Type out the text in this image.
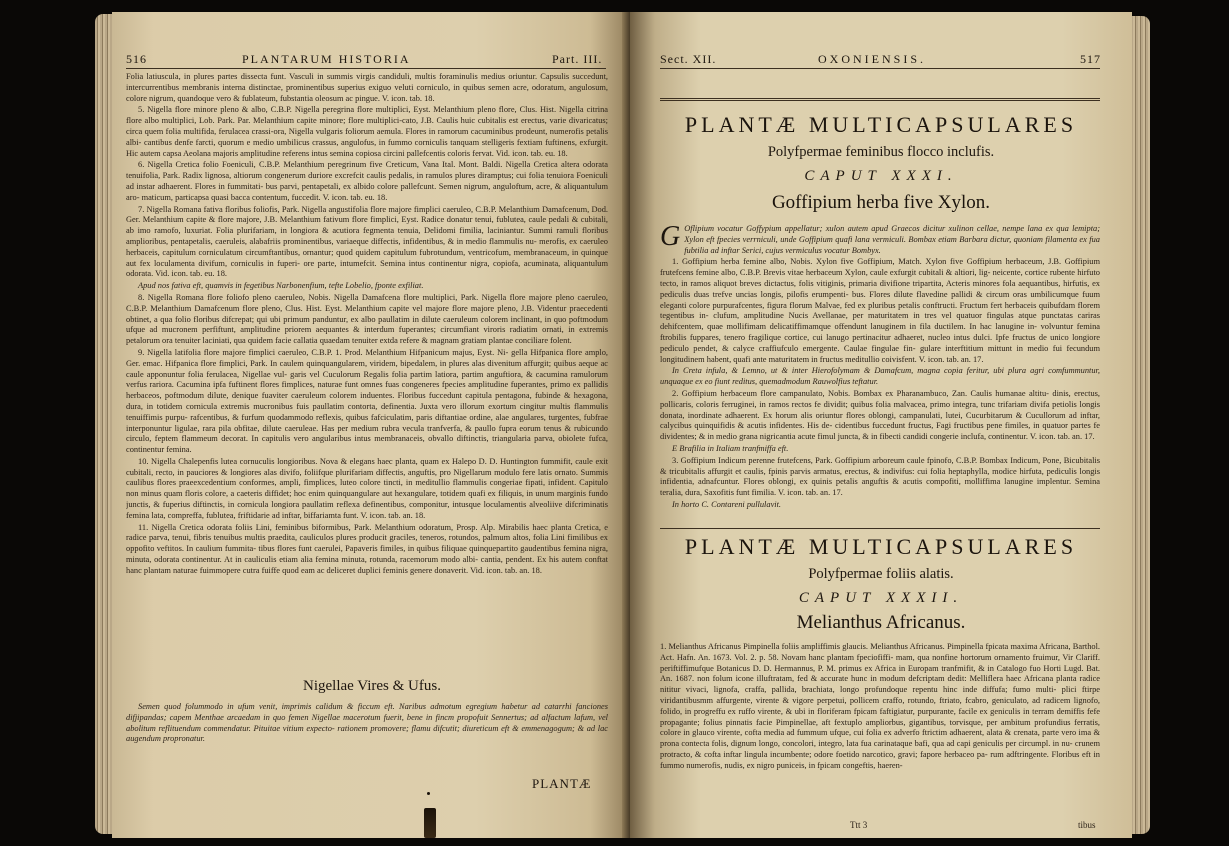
516	PLANTARUM HISTORIA	Part. III.

Folia latiuscula, in plures partes dissecta funt. Vasculi in summis virgis candiduli, multis foraminulis medius oriuntur. Capsulis succedunt, intercurrentibus membranis interna distinctae, prominentibus superius exiguo veluti corniculo, in quibus semen acre, odoratum, angulosum, colore nigrum, quandoque vero & fublateum, fubstantia oleosum ac pingue. V. icon. tab. 18.

5. Nigella flore minore pleno & albo, C.B.P. Nigella peregrina flore multiplici, Eyst. Melanthium pleno flore, Clus. Hist. Nigella citrina flore albo multiplici, Lob. Park. Par. Melanthium capite minore; flore multiplici-cato, J.B. Caulis huic cubitalis est erectus, varie divaricatus; circa quem folia multifida, ferulacea crassi-ora, Nigella vulgaris foliorum aemula. Flores in ramorum cacuminibus prodeunt, numerofis petalis albi- cantibus denfe farcti, quorum e medio umbilicus crassus, angulofus, in fummo corniculis tanquam stelligeris fextiam fuftinens, exfurgit. Hic autem capsa Aeolana majoris amplitudine referens intus semina copiosa circini pallefcentis coloris fervat. Vid. icon. tab. eu. 18.

6. Nigella Cretica folio Foeniculi, C.B.P. Melanthium peregrinum five Creticum, Vana Ital. Mont. Baldi. Nigella Cretica altera odorata tenuifolia, Park. Radix lignosa, altiorum congenerum duriore excrefcit caulis pedalis, in ramulos plures diramptus; cui folia tenuiora Foeniculi ad instar adhaerent. Flores in fummitati- bus parvi, pentapetali, ex albido colore pallefcunt. Semen nigrum, anguloftum, acre, & aliquantulum aro- maticum, particapsa quasi bacca contentum, fuccedit. V. icon. tab. eu. 18.

7. Nigella Romana fativa floribus foliofis, Park. Nigella angustifolia flore majore fimplici caeruleo, C.B.P. Melanthium Damafcenum, Dod. Ger. Melanthium capite & flore majore, J.B. Melanthium fativum flore fimplici, Eyst. Radice donatur tenui, fubluteа, caule pedali & cubitali, ab imo ramofo, luxuriat. Folia plurifariam, in longiora & acutiora fegmenta tenuia, Delidomi fimilia, laciniantur. Summi ramuli floribus amplioribus, pentapetalis, caeruleis, alabafriis prominentibus, variaeque diffectis, infidentibus, & in medio flammulis nu- merofis, ex caeruleo herbaceis, capitulum corniculatum circumftantibus, ornantur; quod quidem capitulum fubrotundum, ventricofum, membranaceum, in quinque aut fex loculamenta divifum, corniculis in fuperi- ore parte, intumefcit. Semina intus continentur nigra, copiofa, acuminata, aliquantulum odorata. Vid. icon. tab. eu. 18.

Apud nos fativa eft, quamvis in fegetibus Narbonenfium, tefte Lobelio, fponte exfiliat.

8. Nigella Romana flore foliofo pleno caeruleo, Nobis. Nigella Damafcena flore multiplici, Park. Nigella flore majore pleno caeruleo, C.B.P. Melanthium Damafcenum flore pleno, Clus. Hist. Eyst. Melanthium capite vel majore flore majore pleno, J.B. Videntur praecedenti obtinet, a qua folio floribus difcrepat; qui ubi primum panduntur, ex albo paullatim in dilute caeruleum colorem inclinant, in quo poftmodum ufque ad mucronem perfiftunt, amplitudine priorem aequantes & interdum fuperantes; circumfiant viroris radiatim ornati, in extremis petalorum ora tenuiter laciniati, qua quidem facie callatia quaedam tenuiter extda refere & magnam gratiam plantae conciliare folent.

9. Nigella latifolia flore majore fimplici caeruleo, C.B.P. 1. Prod. Melanthium Hifpanicum majus, Eyst. Ni- gella Hifpanica flore amplo, Ger. emac. Hifpanica flore fimplici, Park. In caulem quinquangularem, viridem, bipedalem, in plures alas divenitum affurgit; quibus aeque ac caule apponuntur folia ferulacea, Nigellae vul- garis vel Cuculorum Regalis folia partim latiora, partim anguftiora, & cacumina ramulorum verfus rariora. Cacumina ipfa fuftinent flores fimplices, naturae funt omnes fuas congeneres fpecies amplitudine fuperantes, primo ex pallidis herbaceos, poftmodum dilute, denique fuaviter caeruleum colorem induentes. Floribus fuccedunt capitula pentagona, fubinde & hexagona, dura, in totidem cornicula extremis mucronibus fuis paullatim contorta, definentia. Juxta vero illorum exortum cingitur multis flammulis tenuiffimis purpu- rafcentibus, & furfum quodammodo reflexis, quibus fafciculatim, paris diftantiae ordine, alae angulares, turgentes, fubfrae interponuntur ligulae, rara pila obfitae, dilute caeruleae. Has per medium rubra vecula tranfverfa, & paullo fupra eorum tenus & rubicundo circulo, feptem flammeum decorat. In capitulis vero angularibus intus membranaceis, obvallo diftinctis, triangularia parva, obiolete fufca, continentur femina.

10. Nigella Chalepenfis lutea cornuculis longioribus. Nova & elegans haec planta, quam ex Halepo D. D. Huntington fummifit, caule exit cubitali, recto, in pauciores & longiores alas divifo, foliifque plurifariam diffectis, anguftis, pro Nigellarum modulo fere latis ornato. Summis caulibus flores praeexcedentium conformes, ampli, fimplices, luteo colore tincti, in meditullio flammulis congeriae fipati, infident. Capitulo non minus quam floris colore, a caeteris diffidet; hoc enim quinquangulare aut hexangulare, totidem quafi ex filiquis, in unum marginis fundo junctis, & fuperius diftinctis, in cornicula longiora paullatim reflexa definentibus, componitur, intusque loculamentis alveoliive difcriminatis femina lata, compreffa, fubluteа, friftidarie ad inftar, biffariamta funt. V. icon. tab. an. 18.

11. Nigella Cretica odorata foliis Lini, feminibus biformibus, Park. Melanthium odoratum, Prosp. Alp. Mirabilis haec planta Cretica, e radice parva, tenui, fibris tenuibus multis praedita, cauliculos plures producit graciles, teneros, rotundos, palmum altos, folia Lini fimilibus ex oppofito veftitos. In caulium fummita- tibus flores funt caerulei, Papaveris fimiles, in quibus filiquae quinquepartito gaudentibus femina nigra, minuta, odorata continentur. At in cauliculis etiam alia femina minuta, rotunda, racemorum modo albi- cantia, pendent. Ex his autem conftat hanc plantam naturae fuimmopere cutra fuiffe quod eam ac deliceret duplici feminis genere donaverit. Vid. icon. tab. an. 18.

Nigellae Vires & Ufus.

Semen quod folummodo in ufum venit, imprimis calidum & ficcum eft. Naribus admotum egregium habetur ad catarrhi fanciones difjipandas; capem Menthae arcaedam in quo femen Nigellae macerotum fuerit, bene in fincm propofuit Sennertus; ad alfactum lafum, vel abolitum reflituendum commendatur. Pituitae vitium expecto- rationem promovere; flamu difcutit; diureticum eft & emmenagogum; & ad lac augendum propronatur.

PLANTÆ
Sect. XII.	OXONIENSIS.	517
PLANTÆ MULTICAPSULARES
Polyfpermae feminibus flocco inclufis.
CAPUT XXXI.
Goffipium herba five Xylon.

G Oflipium vocatur Goffypium appellatur; xulon autem apud Graecos dicitur xulinon cellae, nempe lana ex qua lemipta; Xylon eft fpecies verrniculi, unde Goffipium quafi lana vermiculi. Bombax etiam Barbara dictur, quoniam filamenta ex fua fubtilia ad inftar Serici, cujus vermiculus vocatur Bombyx.

1. Goffipium herba femine albo, Nobis. Xylon five Goffipium, Match. Xylon five Goffipium herbaceum, J.B. Goffipium frutefcens femine albo, C.B.P. Brevis vitae herbaceum Xylon, caule exfurgit cubitali & altiori, lig- neicente, cortice rubente hirfuto tecto, in ramos aliquot breves dictactus, folis vitiginis, primaria divifione tripartita, Acteris minores fola aequantibus, hirfutis, ex pediculis duas trefve uncias longis, pilofis erumpenti- bus. Flores dilute flavedine pallidi & circum oras umbilicumque fuum eleganti colore purpurafcentes, figura florum Malvae, fed ex pluribus petalis conftructi. Fructum fert herbaceis quibufdam florem tegentibus in- clufum, amplitudine Nucis Avellanae, per maturitatem in tres vel quatuor fingulas atque punctatas cariras dehifcentem, quae mollifimam delicatiffimamque offendunt lanuginem in fila ductilem. In hac lanugine in- volvuntur femina ftrobilis fuppares, tenero fragilique cortice, cui lanugo pertinacitur adhaeret, nucleo intus dulci. Ipfe fructus de unico longiore pediculo pendet, & calyce craffiufculo emergente. Caulae fingulae fin- gulare interftitium mittunt in medio fui fecundum longitudinem habent, quafi ante maturitatem in fructus meditullio coivisfent. V. icon. tab. an. 17.

In Creta infula, & Lemno, ut & inter Hierofolymam & Damafcum, magna copia feritur, ubi plura agri comfummuntur, unquaque ex eo fiunt reditus, quemadmodum Rauwolfius teftatur.

2. Goffipium herbaceum flore campanulato, Nobis. Bombax ex Pharanambuco, Zan. Caulis humanae altitu- dinis, erectus, pollicaris, coloris ferruginei, in ramos rectos fe dividit; quibus folia malvacea, primo integra, tunc trifariam divifa petiolis longis donata, inordinate adhaerent. Ex horum alis oriuntur flores oblongi, campanulati, lutei, Cucurbitarum & Cucullorum ad inftar, calycibus quinquifidis & acutis infidentes. His de- cidentibus fuccedunt fructus, Fagi fructibus pene fimiles, in quatuor partes fe dividentes; & in medio grana nigricantia acute fimul juncta, & in fibecti candidi congerie inclufa, continentur. V. icon. tab. an. 17.

E Brafilia in Italiam tranfmiffa eft.

3. Goffipium Indicum perenne frutefcens, Park. Goffipium arboreum caule fpinofo, C.B.P. Bombax Indicum, Pone, Bicubitalis & tricubitalis affurgit et caulis, fpinis parvis armatus, erectus, & indivifus: cui folia heptaphylla, modice hirfuta, pediculis longis infidentia, adnafcuntur. Flores oblongi, ex quinis petalis anguftis & acutis compofiti, molliffima lanugine implentur. Semina teralia, dura, Saxofitis funt fimilia. V. icon. tab. an. 17.

In horto C. Contareni pullulavit.

PLANTÆ MULTICAPSULARES
Polyfpermae foliis alatis.
CAPUT XXXII.
Melianthus Africanus.

1. Melianthus Africanus Pimpinella foliis ampliffimis glaucis. Melianthus Africanus. Pimpinella fpicata maxima Africana, Barthol. Act. Hafn. An. 1673. Vol. 2. p. 58. Novam hanc plantam fpeciofiffi- mam, qua nonfine hortorum ornamento fruimur, Vir Clariff. periftiffimufque Botanicus D. D. Hermannus, P. M. primus ex Africa in Europam tranfmifit, & in Catalogo fuo Horti Lugd. Bat. An. 1687. non folum icone illuftratam, fed & accurate hunc in modum defcriptam dedit: Melliflera haec Africana planta radice nititur vivaci, lignofa, craffa, pallida, brachiata, longo profundoque repentu hinc inde diffufa; fumo multi- plici ftirpe viridantibusmm affurgente, virente & vigore perpetui, pollicem craffo, rotundo, ftriato, fcabro, geniculato, ad radicem lignofo, folido, in progreffu ex ruffo virente, & ubi in floriferam fpicam faftigiatur, purpurante, facile ex geniculis in terram demiffis fefe propagante; folius pinnatis facie Pimpinellae, aft fextuplo ampliorbus, gigantibus, torvisque, per ambitum profundius ferratis, colore in glauco virente, cofta media ad fummum ufque, cui folia ex adverfo ftrictim adhaerent, alata & crenata, parte vero ima & prona contecta folis, dignum longo, concolori, integro, lata fua carinataque bafi, qua ad capi geniculis per circumpl. in nu- crunem protracto, & cofta inftar lingula incumbente; odore foetido narcotico, gravi; fapore herbaceo pa- rum adftringente. Floribus eft in fummo numerofis, nudis, ex nigro puniceis, in fpicam congeftis, haeren-

Ttt 3	tibus
